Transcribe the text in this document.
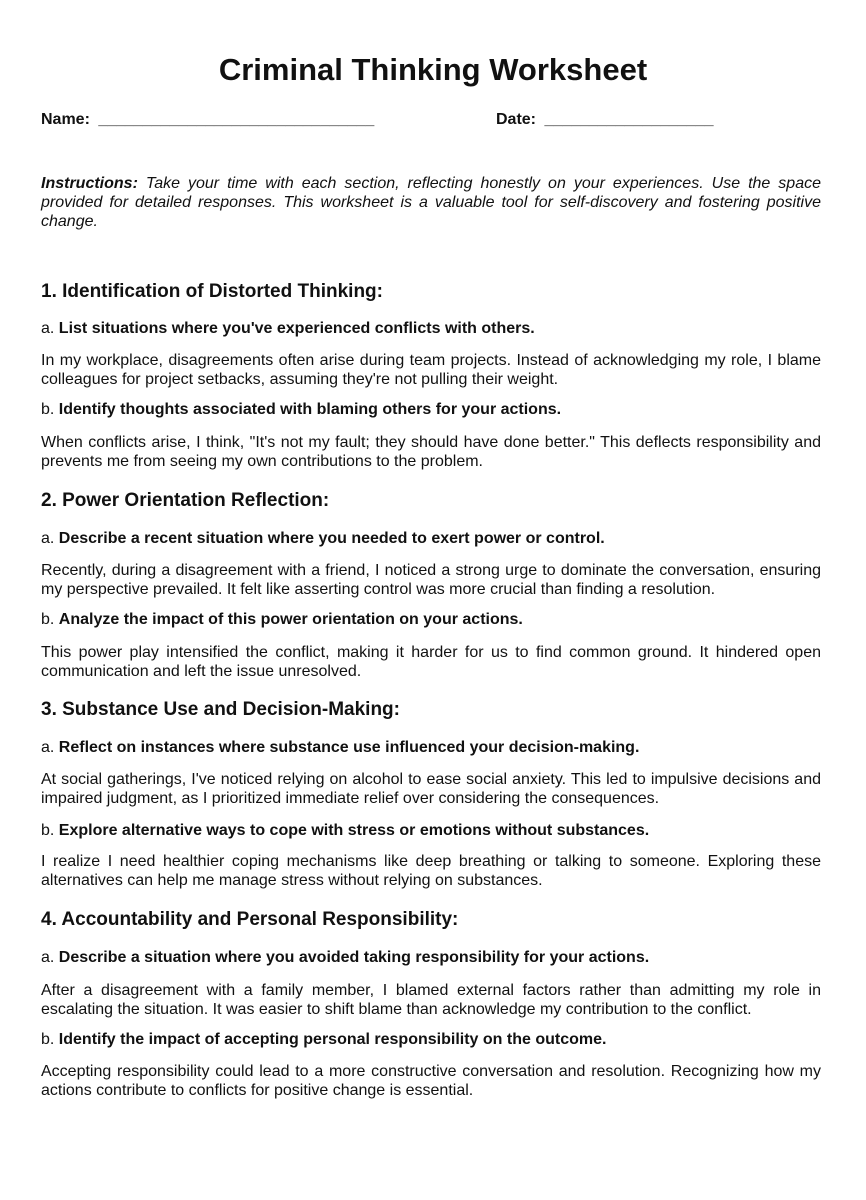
Criminal Thinking Worksheet
Name: _______________________________	Date: ___________________

Instructions: Take your time with each section, reflecting honestly on your experiences. Use the space provided for detailed responses. This worksheet is a valuable tool for self-discovery and fostering positive change.

1. Identification of Distorted Thinking:

a. List situations where you've experienced conflicts with others.

In my workplace, disagreements often arise during team projects. Instead of acknowledging my role, I blame colleagues for project setbacks, assuming they're not pulling their weight.

b. Identify thoughts associated with blaming others for your actions.

When conflicts arise, I think, "It's not my fault; they should have done better." This deflects responsibility and prevents me from seeing my own contributions to the problem.

2. Power Orientation Reflection:

a. Describe a recent situation where you needed to exert power or control.

Recently, during a disagreement with a friend, I noticed a strong urge to dominate the conversation, ensuring my perspective prevailed. It felt like asserting control was more crucial than finding a resolution.

b. Analyze the impact of this power orientation on your actions.

This power play intensified the conflict, making it harder for us to find common ground. It hindered open communication and left the issue unresolved.

3. Substance Use and Decision-Making:

a. Reflect on instances where substance use influenced your decision-making.

At social gatherings, I've noticed relying on alcohol to ease social anxiety. This led to impulsive decisions and impaired judgment, as I prioritized immediate relief over considering the consequences.

b. Explore alternative ways to cope with stress or emotions without substances.

I realize I need healthier coping mechanisms like deep breathing or talking to someone. Exploring these alternatives can help me manage stress without relying on substances.

4. Accountability and Personal Responsibility:

a. Describe a situation where you avoided taking responsibility for your actions.

After a disagreement with a family member, I blamed external factors rather than admitting my role in escalating the situation. It was easier to shift blame than acknowledge my contribution to the conflict.

b. Identify the impact of accepting personal responsibility on the outcome.

Accepting responsibility could lead to a more constructive conversation and resolution. Recognizing how my actions contribute to conflicts for positive change is essential.
